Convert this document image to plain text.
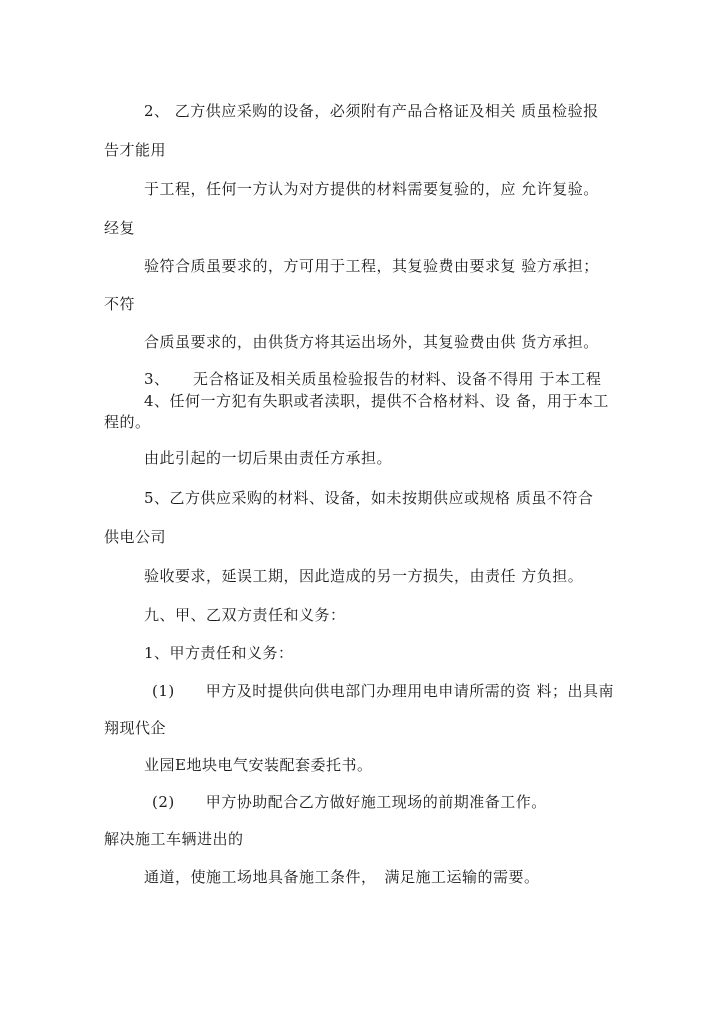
2、 乙方供应采购的设备，必须附有产品合格证及相关 质虽检验报
告才能用
于工程，任何一方认为对方提供的材料需要复验的，应 允许复验。
经复
验符合质虽要求的，方可用于工程，其复验费由要求复 验方承担；
不符
合质虽要求的，由供货方将其运出场外，其复验费由供 货方承担。
3、　　无合格证及相关质虽检验报告的材料、设备不得用 于本工程
4、任何一方犯有失职或者渎职，提供不合格材料、设 备，用于本工
程的。
由此引起的一切后果由责任方承担。
5、乙方供应采购的材料、设备，如未按期供应或规格 质虽不符合
供电公司
验收要求，延误工期，因此造成的另一方损失，由责任 方负担。
九、甲、乙双方责任和义务：
1、甲方责任和义务：
(1)　　甲方及时提供向供电部门办理用电申请所需的资 料；出具南
翔现代企
业园E地块电气安装配套委托书。
(2)　　甲方协助配合乙方做好施工现场的前期准备工作。
解决施工车辆进出的
通道，使施工场地具备施工条件，　满足施工运输的需要。
